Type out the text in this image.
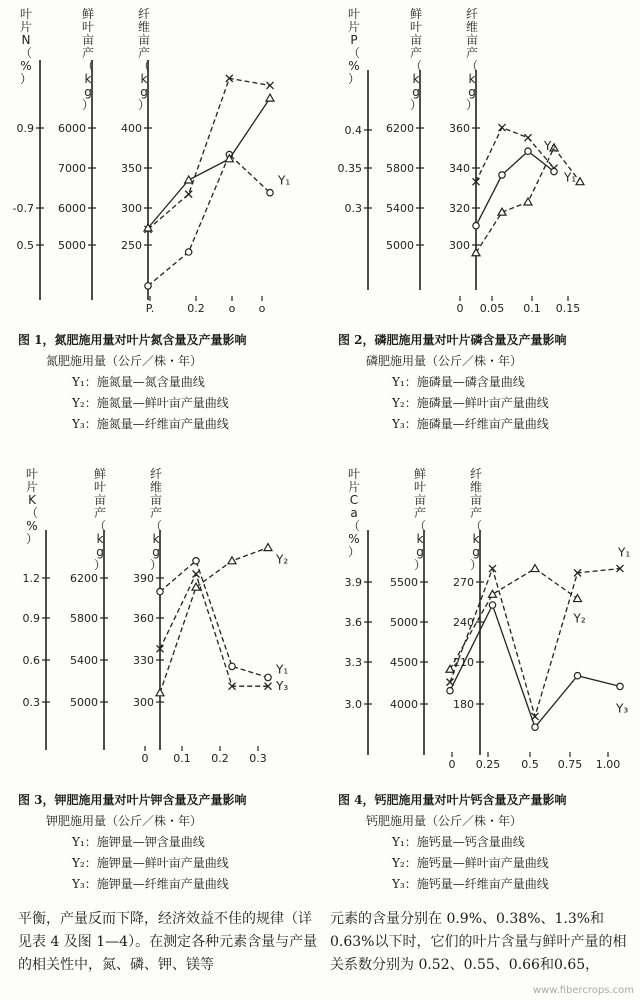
叶片 N （%）
0.9
-0.7
0.5
鲜叶亩产（ k g ）
6000
7000
6000
5000
纤维亩产（ k g ）
400
350
300
250
P.	0.2 o o
Y₁
图 1，氮肥施用量对叶片氮含量及产量影响
氮肥施用量（公斤／株・年）
Y₁：施氮量—氮含量曲线
Y₂：施氮量—鲜叶亩产量曲线
Y₃：施氮量—纤维亩产量曲线
叶片 P （%）
0.4
0.35
0.3
鲜叶亩产（ k g ）
6200
5800
5400
5000
纤维亩产（ k g ）
360
340
320
300
0 0.05 0.1 0.15
Y₁
Y₂
图 2，磷肥施用量对叶片磷含量及产量影响
磷肥施用量（公斤／株・年）
Y₁：施磷量—磷含量曲线
Y₂：施磷量—鲜叶亩产量曲线
Y₃：施磷量—纤维亩产量曲线
叶片 K （%）
1.2
0.9
0.6
0.3
鲜叶亩产（ k g ）
6200
5800
5400
5000
纤维亩产（ k g ）
390
360
330
300
0 0.1 0.2 0.3
Y₁
Y₂
Y₃
图 3，钾肥施用量对叶片钾含量及产量影响
钾肥施用量（公斤／株・年）
Y₁：施钾量—钾含量曲线
Y₂：施钾量—鲜叶亩产量曲线
Y₃：施钾量—纤维亩产量曲线
叶片 C a （%）
3.9
3.6
3.3
3.0
鲜叶亩产（ k g ）
5500
5000
4500
4000
纤维亩产（ k g ）
270
240
210
180
0 0.25 0.5 0.75 1.00
Y₁
Y₂
Y₃
图 4，钙肥施用量对叶片钙含量及产量影响
钙肥施用量（公斤／株・年）
Y₁：施钙量—钙含量曲线
Y₂：施钙量—鲜叶亩产量曲线
Y₃：施钙量—纤维亩产量曲线
平衡，产量反而下降，经济效益不佳的规律（详见表 4 及图 1—4）。在测定各种元素含量与产量的相关性中，氮、磷、钾、镁等
元素的含量分别在 0.9%、0.38%、1.3%和 0.63%以下时，它们的叶片含量与鲜叶产量的相关系数分别为 0.52、0.55、0.66和0.65，
www.fibercrops.com
